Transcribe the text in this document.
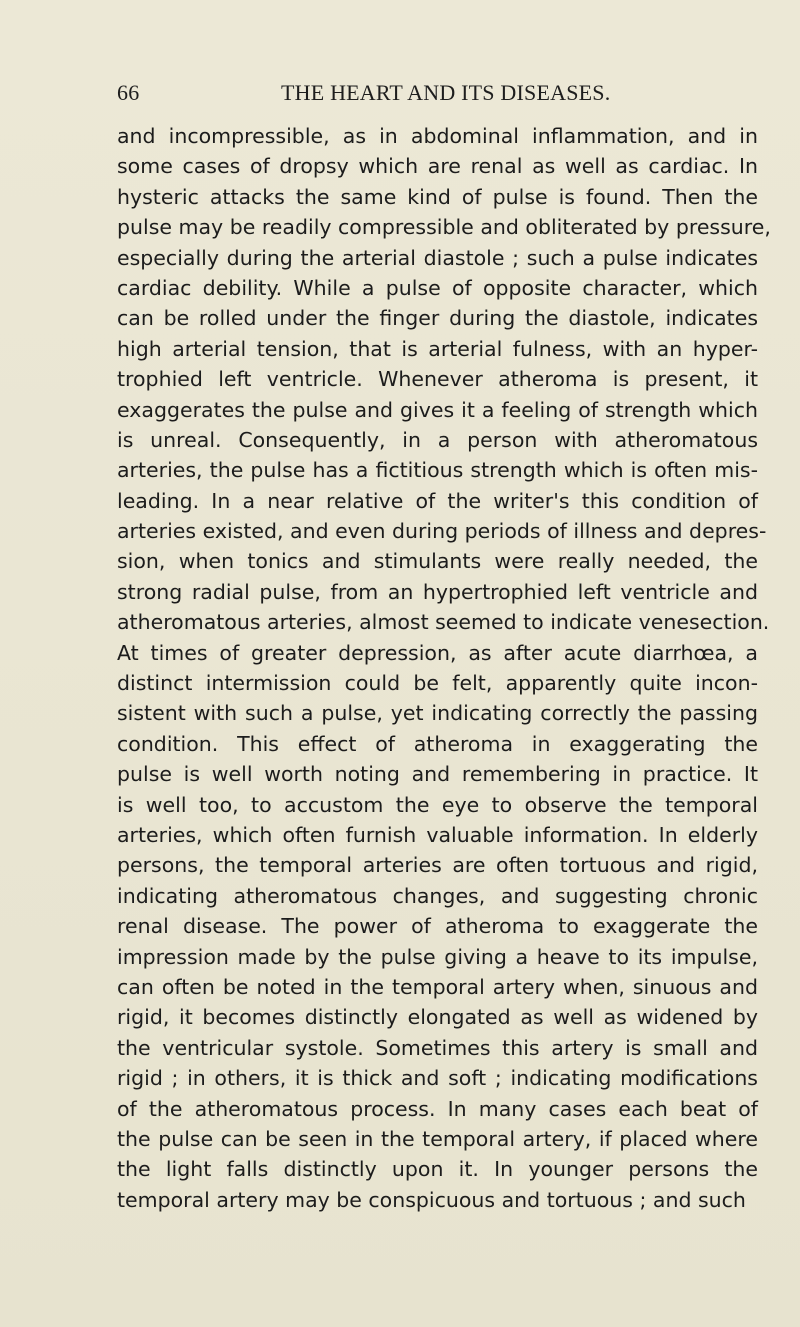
66	THE HEART AND ITS DISEASES.
and incompressible, as in abdominal inflammation, and in
some cases of dropsy which are renal as well as cardiac. In
hysteric attacks the same kind of pulse is found. Then the
pulse may be readily compressible and obliterated by pressure,
especially during the arterial diastole ; such a pulse indicates
cardiac debility. While a pulse of opposite character, which
can be rolled under the finger during the diastole, indicates
high arterial tension, that is arterial fulness, with an hyper-
trophied left ventricle. Whenever atheroma is present, it
exaggerates the pulse and gives it a feeling of strength which
is unreal. Consequently, in a person with atheromatous
arteries, the pulse has a fictitious strength which is often mis-
leading. In a near relative of the writer's this condition of
arteries existed, and even during periods of illness and depres-
sion, when tonics and stimulants were really needed, the
strong radial pulse, from an hypertrophied left ventricle and
atheromatous arteries, almost seemed to indicate venesection.
At times of greater depression, as after acute diarrhœa, a
distinct intermission could be felt, apparently quite incon-
sistent with such a pulse, yet indicating correctly the passing
condition. This effect of atheroma in exaggerating the
pulse is well worth noting and remembering in practice. It
is well too, to accustom the eye to observe the temporal
arteries, which often furnish valuable information. In elderly
persons, the temporal arteries are often tortuous and rigid,
indicating atheromatous changes, and suggesting chronic
renal disease. The power of atheroma to exaggerate the
impression made by the pulse giving a heave to its impulse,
can often be noted in the temporal artery when, sinuous and
rigid, it becomes distinctly elongated as well as widened by
the ventricular systole. Sometimes this artery is small and
rigid ; in others, it is thick and soft ; indicating modifications
of the atheromatous process. In many cases each beat of
the pulse can be seen in the temporal artery, if placed where
the light falls distinctly upon it. In younger persons the
temporal artery may be conspicuous and tortuous ; and such
